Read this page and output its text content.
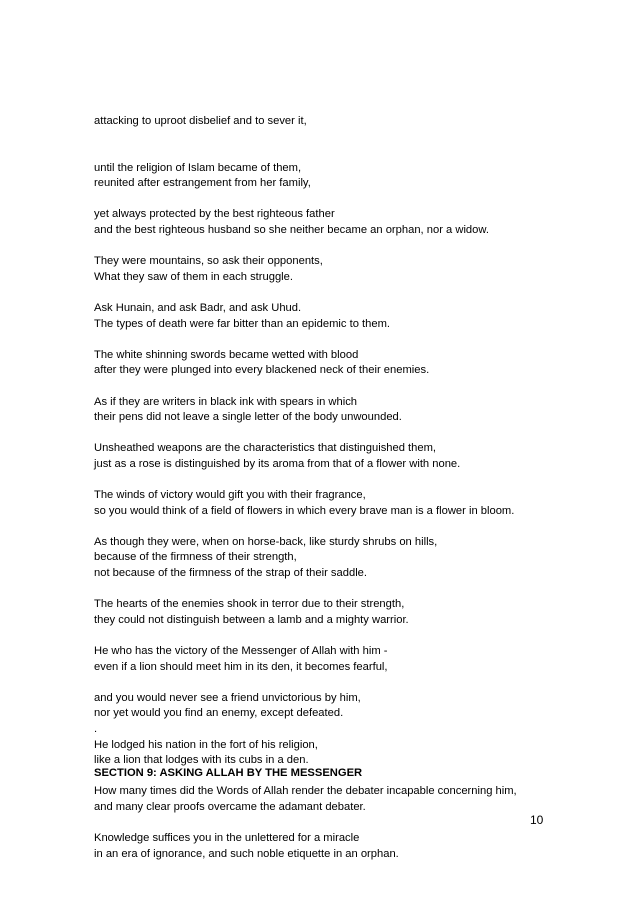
attacking to uproot disbelief and to sever it,
until the religion of Islam became of them,
reunited after estrangement from her family,
yet always protected by the best righteous father
and the best righteous husband so she neither became an orphan, nor a widow.
They were mountains, so ask their opponents,
What they saw of them in each struggle.
Ask Hunain, and ask Badr, and ask Uhud.
The types of death were far bitter than an epidemic to them.
The white shinning swords became wetted with blood
after they were plunged into every blackened neck of their enemies.
As if they are writers in black ink with spears in which
their pens did not leave a single letter of the body unwounded.
Unsheathed weapons are the characteristics that distinguished them,
just as a rose is distinguished by its aroma from that of a flower with none.
The winds of victory would gift you with their fragrance,
so you would think of a field of flowers in which every brave man is a flower in bloom.
As though they were, when on horse-back, like sturdy shrubs on hills,
because of the firmness of their strength,
not because of the firmness of the strap of their saddle.
The hearts of the enemies shook in terror due to their strength,
they could not distinguish between a lamb and a mighty warrior.
He who has the victory of the Messenger of Allah with him -
even if a lion should meet him in its den, it becomes fearful,
and you would never see a friend unvictorious by him,
nor yet would you find an enemy, except defeated.
.
He lodged his nation in the fort of his religion,
like a lion that lodges with its cubs in a den.
How many times did the Words of Allah render the debater incapable concerning him,
and many clear proofs overcame the adamant debater.
Knowledge suffices you in the unlettered for a miracle
in an era of ignorance, and such noble etiquette in an orphan.
SECTION 9: ASKING ALLAH BY THE MESSENGER
10
